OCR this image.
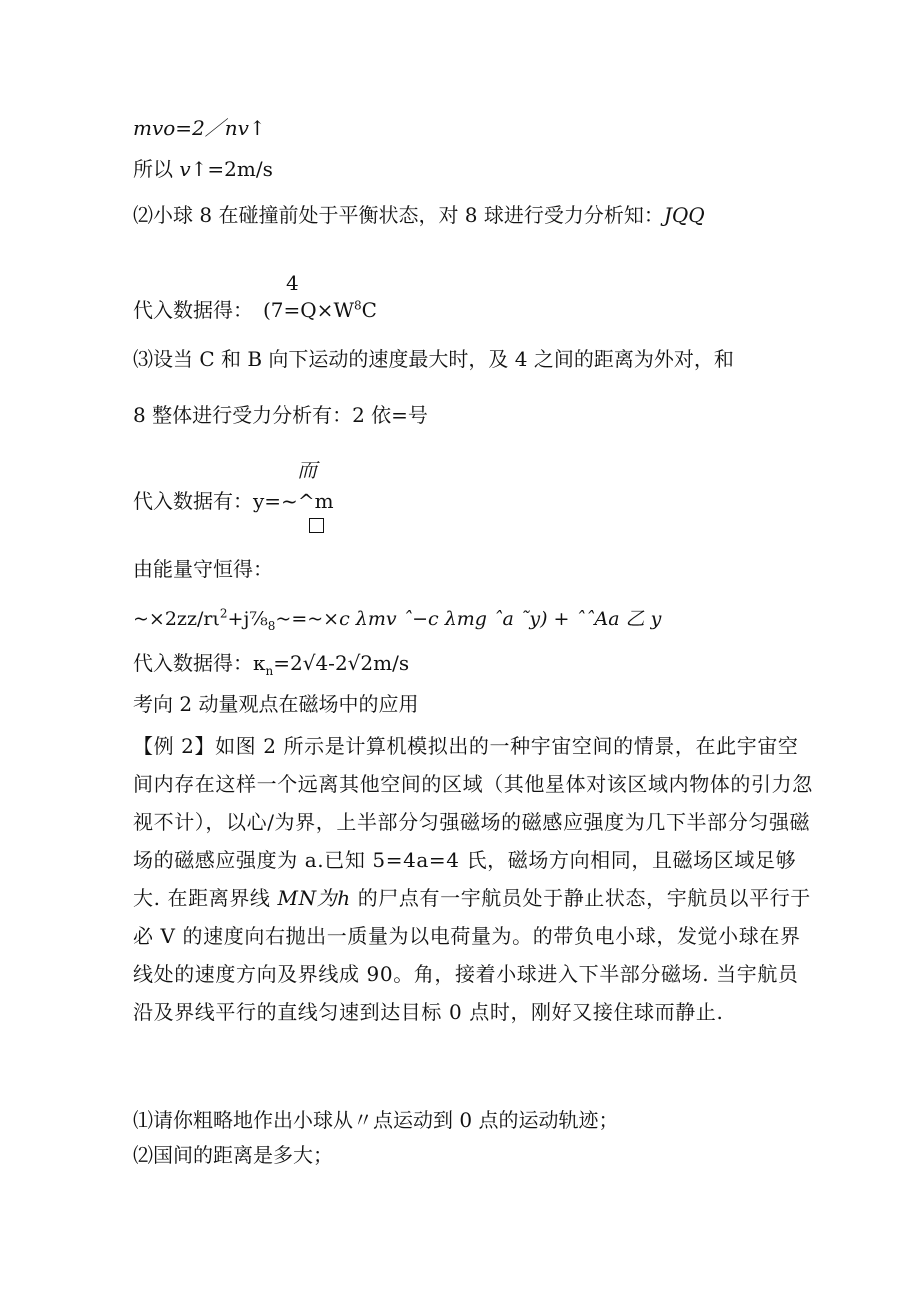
mvo=2／nv↑
所以 v↑=2m/s
⑵小球 8 在碰撞前处于平衡状态，对 8 球进行受力分析知：JQQ
4
代入数据得： ($7=Q\times W^8C$
⑶设当 C 和 B 向下运动的速度最大时，及 4 之间的距离为外对，和
8 整体进行受力分析有：2 依=号
而
代入数据有：y=~^m
由能量守恒得：
$\sim\times 2zz/r\iota^2+j\frac{7}{8}_8\sim=\sim\times c$ λmv ˆ−c λmg ˆa ˜y) + ˆˆAa 乙 y
代入数据得：$\kappa_n=2√4-2√2m/s$
考向 2 动量观点在磁场中的应用
【例 2】如图 2 所示是计算机模拟出的一种宇宙空间的情景，在此宇宙空间内存在这样一个远离其他空间的区域（其他星体对该区域内物体的引力忽视不计），以心/为界，上半部分匀强磁场的磁感应强度为几下半部分匀强磁场的磁感应强度为 a.已知 5=4a=4 氏，磁场方向相同，且磁场区域足够大. 在距离界线 MN为h 的尸点有一宇航员处于静止状态，宇航员以平行于必 V 的速度向右抛出一质量为以电荷量为。的带负电小球，发觉小球在界线处的速度方向及界线成 90。角，接着小球进入下半部分磁场. 当宇航员沿及界线平行的直线匀速到达目标 0 点时，刚好又接住球而静止.
⑴请你粗略地作出小球从〃点运动到 0 点的运动轨迹；
⑵国间的距离是多大；
